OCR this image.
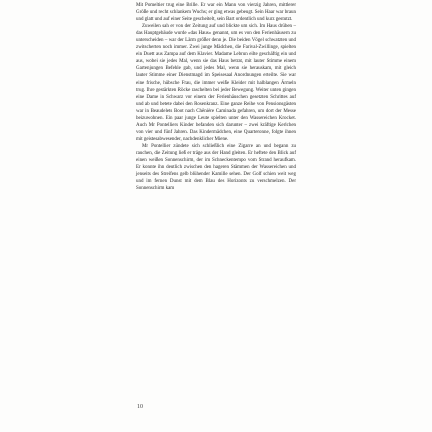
Mit Pomeltier trug eine Brille. Er war ein Mann von vierzig Jahren, mittlerer Größe und recht schlankem Wuchs; er ging etwas gebeugt. Sein Haar war braun und glatt und auf einer Seite gescheitelt, sein Bart ordentlich und kurz gestutzt.

Zuweilen sah er von der Zeitung auf und blickte um sich. Im Haus drüben – das Hauptgebäude wurde »das Haus« genannt, um es von den Ferienhäusern zu unterscheiden – war der Lärm größer denn je. Die beiden Vögel schwatzten und zwitscherten noch immer. Zwei junge Mädchen, die Farival-Zwillinge, spielten ein Duett aus Zampa auf dem Klavier. Madame Lebrun eilte geschäftig ein und aus, wobei sie jedes Mal, wenn sie das Haus betrat, mit lauter Stimme einem Gartenjungen Befehle gab, und jedes Mal, wenn sie herauskam, mit gleich lauter Stimme einer Dienstmagd im Speisesaal Anordnungen erteilte. Sie war eine frische, hübsche Frau, die immer weiße Kleider mit halblangen Ärmeln trug. Ihre gestärkten Röcke raschelten bei jeder Bewegung. Weiter unten gingen eine Dame in Schwarz vor einem der Ferienhäuschen gesetzten Schrittes auf und ab und betete dabei den Rosenkranz. Eine ganze Reihe von Pensionsgästen war in Beaudelets Boot nach Chênière Caminada gefahren, um dort der Messe beizuwohnen. Ein paar junge Leute spielten unter den Wassereichen Krocket. Auch Mr Pontelliers Kinder befanden sich darunter – zwei kräftige Kerlchen von vier und fünf Jahren. Das Kindermädchen, eine Quarteronne, folgte ihnen mit geistesabwesender, nachdenklicher Miene.

Mr Pontellier zündete sich schließlich eine Zigarre an und begann zu rauchen, die Zeitung ließ er träge aus der Hand gleiten. Er heftete den Blick auf einen weißen Sonnenschirm, der im Schneckentempo vom Strand heraufkam. Er konnte ihn deutlich zwischen den hageren Stämmen der Wassereichen und jenseits des Streifens gelb blühender Kamille sehen. Der Golf schien weit weg und im fernen Dunst mit dem Blau des Horizonts zu verschmelzen. Der Sonnenschirm kam

10
